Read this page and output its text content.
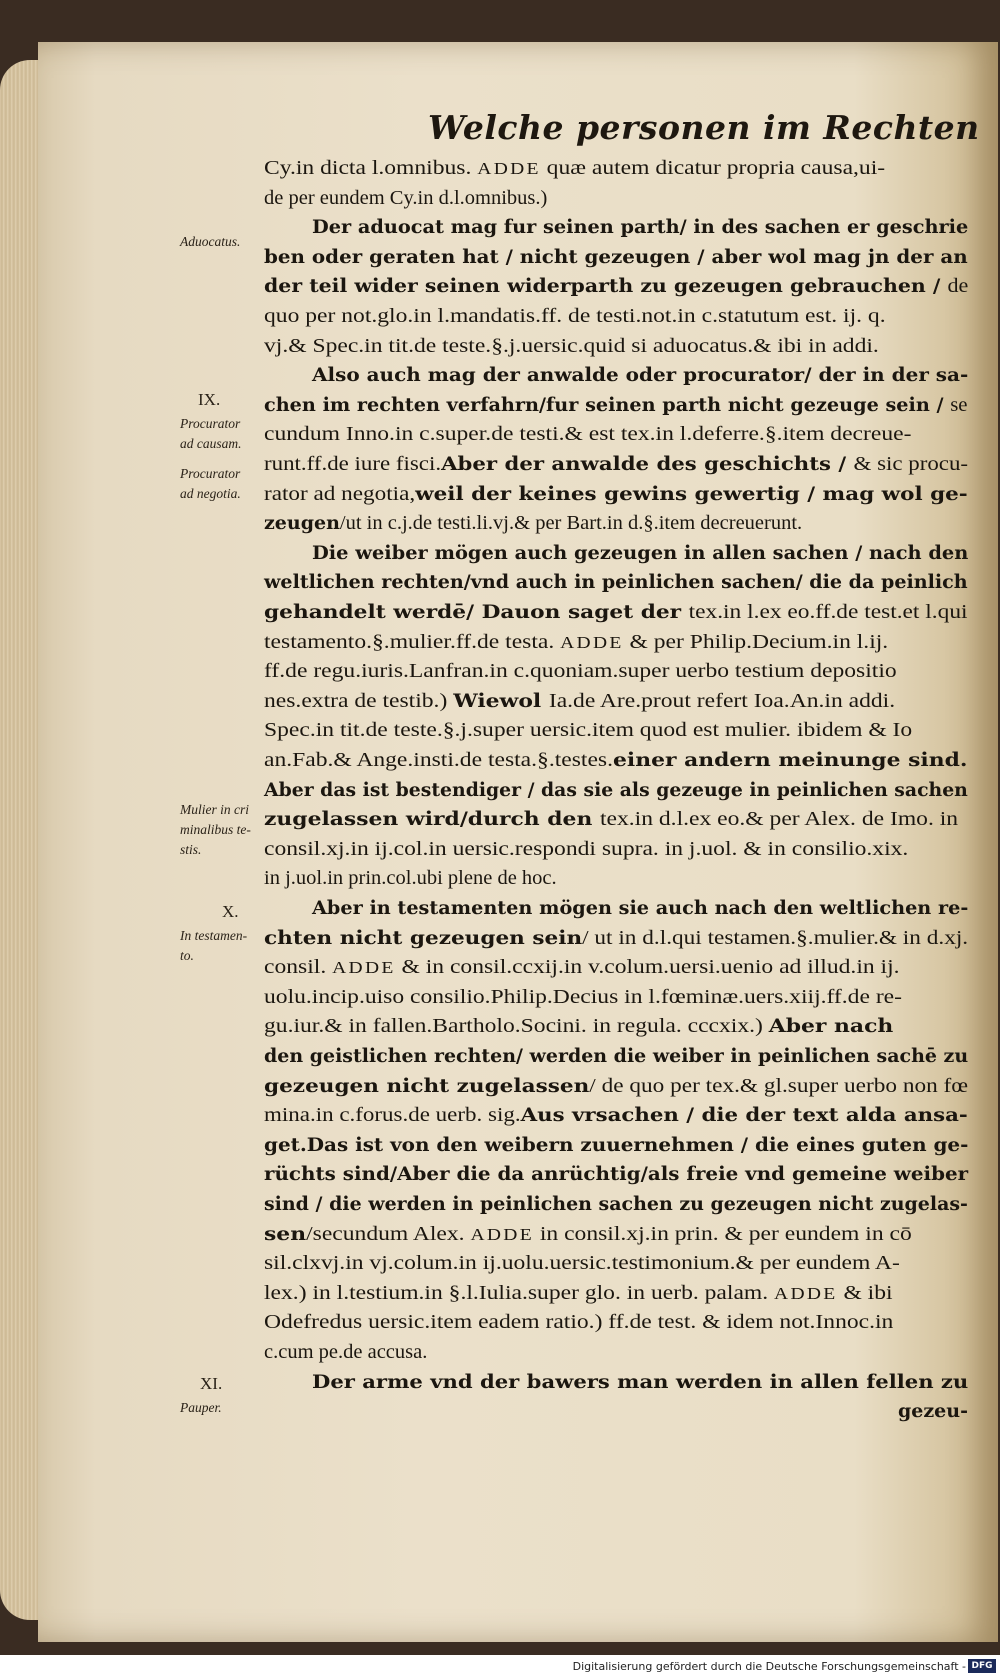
Welche personen im Rechten
Aduocatus.
IX.
Procurator
ad causam.
Procurator
ad negotia.
Mulier in cri
minalibus te-
stis.
X.
In testamen-
to.
XI.
Pauper.
Cy.in dicta l.omnibus. ADDE quæ autem dicatur propria causa,ui-
de per eundem Cy.in d.l.omnibus.)
Der aduocat mag fur seinen parth/ in des sachen er geschrie
ben oder geraten hat / nicht gezeugen / aber wol mag jn der an
der teil wider seinen widerparth zu gezeugen gebrauchen / de
quo per not.glo.in l.mandatis.ff. de testi.not.in c.statutum est. ij. q.
vj.& Spec.in tit.de teste.§.j.uersic.quid si aduocatus.& ibi in addi.
Also auch mag der anwalde oder procurator/ der in der sa-
chen im rechten verfahrn/fur seinen parth nicht gezeuge sein / se
cundum Inno.in c.super.de testi.& est tex.in l.deferre.§.item decreue-
runt.ff.de iure fisci.Aber der anwalde des geschichts / & sic procu-
rator ad negotia,weil der keines gewins gewertig / mag wol ge-
zeugen/ut in c.j.de testi.li.vj.& per Bart.in d.§.item decreuerunt.
Die weiber mögen auch gezeugen in allen sachen / nach den
weltlichen rechten/vnd auch in peinlichen sachen/ die da peinlich
gehandelt werdē/ Dauon saget der tex.in l.ex eo.ff.de test.et l.qui
testamento.§.mulier.ff.de testa. ADDE & per Philip.Decium.in l.ij.
ff.de regu.iuris.Lanfran.in c.quoniam.super uerbo testium depositio
nes.extra de testib.) Wiewol Ia.de Are.prout refert Ioa.An.in addi.
Spec.in tit.de teste.§.j.super uersic.item quod est mulier. ibidem & Io
an.Fab.& Ange.insti.de testa.§.testes.einer andern meinunge sind.
Aber das ist bestendiger / das sie als gezeuge in peinlichen sachen
zugelassen wird/durch den tex.in d.l.ex eo.& per Alex. de Imo. in
consil.xj.in ij.col.in uersic.respondi supra. in j.uol. & in consilio.xix.
in j.uol.in prin.col.ubi plene de hoc.
Aber in testamenten mögen sie auch nach den weltlichen re-
chten nicht gezeugen sein/ ut in d.l.qui testamen.§.mulier.& in d.xj.
consil. ADDE & in consil.ccxij.in v.colum.uersi.uenio ad illud.in ij.
uolu.incip.uiso consilio.Philip.Decius in l.fœminæ.uers.xiij.ff.de re-
gu.iur.& in fallen.Bartholo.Socini. in regula. cccxix.) Aber nach
den geistlichen rechten/ werden die weiber in peinlichen sachē zu
gezeugen nicht zugelassen/ de quo per tex.& gl.super uerbo non fœ
mina.in c.forus.de uerb. sig.Aus vrsachen / die der text alda ansa-
get.Das ist von den weibern zuuernehmen / die eines guten ge-
rüchts sind/Aber die da anrüchtig/als freie vnd gemeine weiber
sind / die werden in peinlichen sachen zu gezeugen nicht zugelas-
sen/secundum Alex. ADDE in consil.xj.in prin. & per eundem in cō
sil.clxvj.in vj.colum.in ij.uolu.uersic.testimonium.& per eundem A-
lex.) in l.testium.in §.l.Iulia.super glo. in uerb. palam. ADDE & ibi
Odefredus uersic.item eadem ratio.) ff.de test. & idem not.Innoc.in
c.cum pe.de accusa.
Der arme vnd der bawers man werden in allen fellen zu
gezeu-
Digitalisierung gefördert durch die Deutsche Forschungsgemeinschaft - DFG
